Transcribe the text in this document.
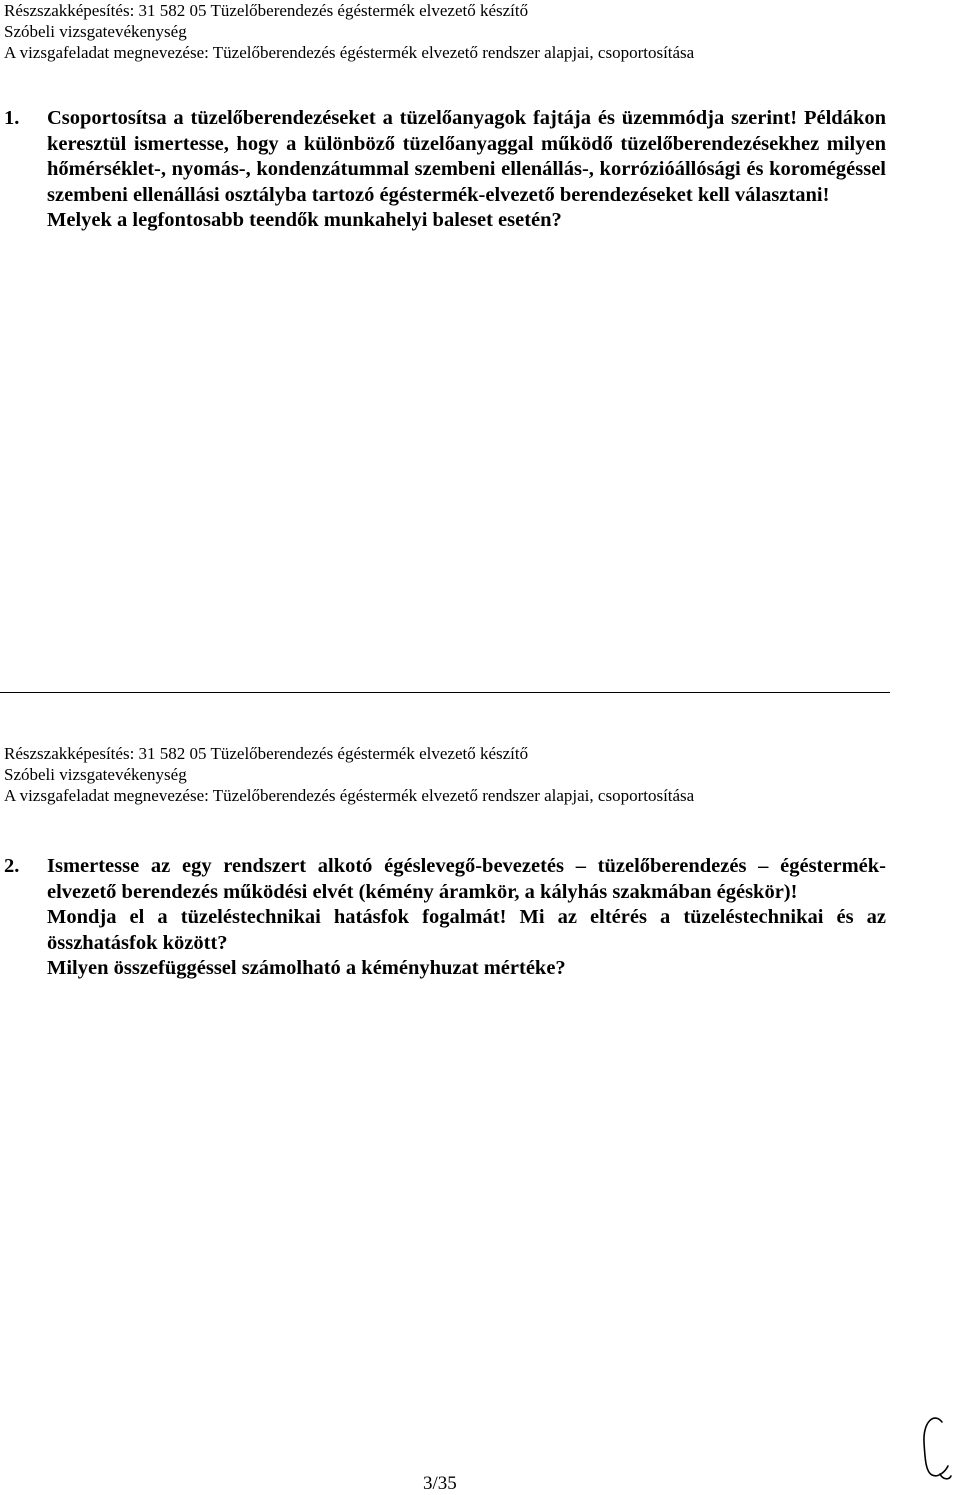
Részszakképesítés: 31 582 05 Tüzelőberendezés égéstermék elvezető készítő

Szóbeli vizsgatevékenység

A vizsgafeladat megnevezése: Tüzelőberendezés égéstermék elvezető rendszer alapjai, csoportosítása

1. Csoportosítsa a tüzelőberendezéseket a tüzelőanyagok fajtája és üzemmódja szerint! Példákon keresztül ismertesse, hogy a különböző tüzelőanyaggal működő tüzelőberendezésekhez milyen hőmérséklet-, nyomás-, kondenzátummal szembeni ellenállás-, korrózióállósági és koromégéssel szembeni ellenállási osztályba tartozó égéstermék-elvezető berendezéseket kell választani!

Melyek a legfontosabb teendők munkahelyi baleset esetén?

Részszakképesítés: 31 582 05 Tüzelőberendezés égéstermék elvezető készítő

Szóbeli vizsgatevékenység

A vizsgafeladat megnevezése: Tüzelőberendezés égéstermék elvezető rendszer alapjai, csoportosítása

2. Ismertesse az egy rendszert alkotó égéslevegő-bevezetés – tüzelőberendezés – égéstermék-elvezető berendezés működési elvét (kémény áramkör, a kályhás szakmában égéskör)!

Mondja el a tüzeléstechnikai hatásfok fogalmát! Mi az eltérés a tüzeléstechnikai és az összhatásfok között?

Milyen összefüggéssel számolható a kéményhuzat mértéke?

3/35
